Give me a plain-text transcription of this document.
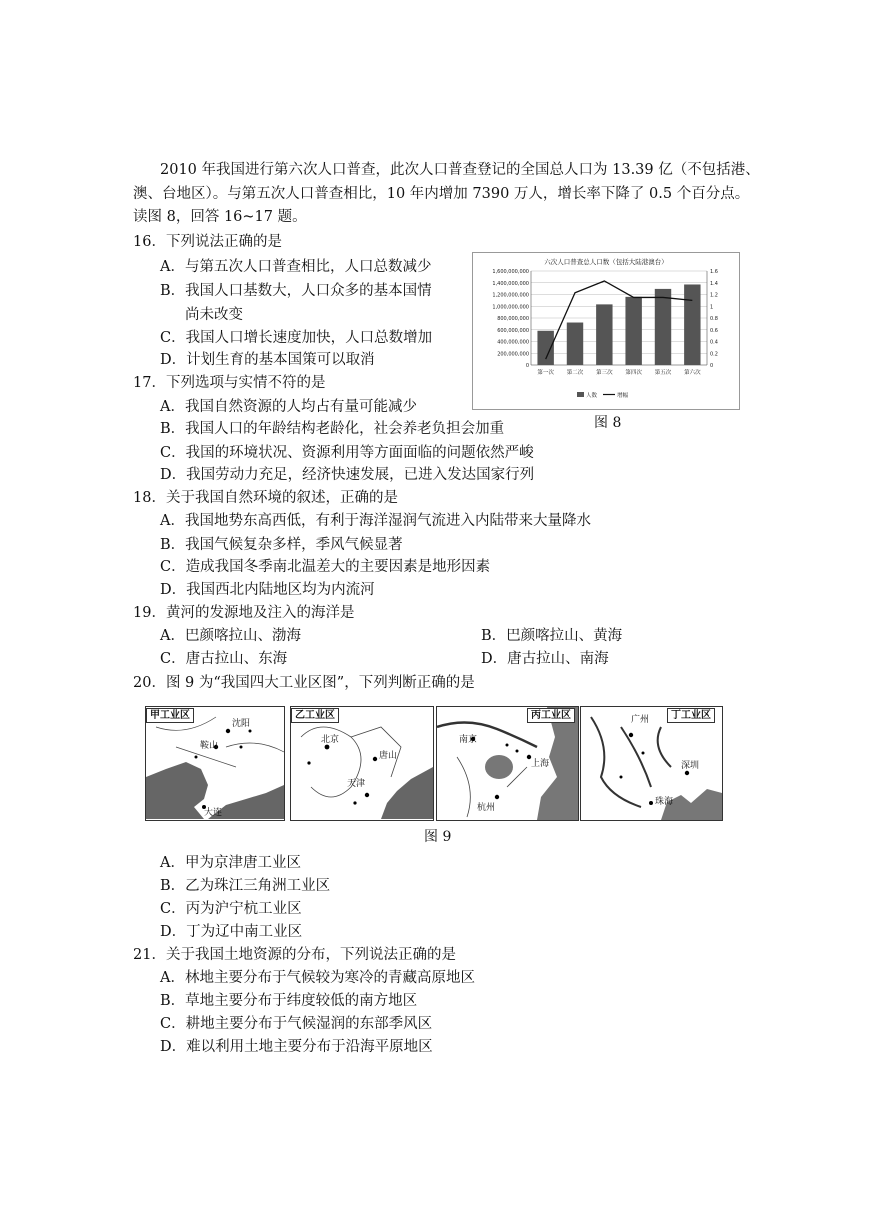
2010 年我国进行第六次人口普查，此次人口普查登记的全国总人口为 13.39 亿（不包括港、
澳、台地区）。与第五次人口普查相比，10 年内增加 7390 万人，增长率下降了 0.5 个百分点。
读图 8，回答 16~17 题。
16．下列说法正确的是
A．与第五次人口普查相比，人口总数减少
B．我国人口基数大，人口众多的基本国情
尚未改变
C．我国人口增长速度加快，人口总数增加
D．计划生育的基本国策可以取消
六次人口普查总人口数（包括大陆港澳台）
1,600,000,000
1,400,000,000
1,200,000,000
1,000,000,000
800,000,000
600,000,000
400,000,000
200,000,000
0
1.6
1.4
1.2
1
0.8
0.6
0.4
0.2
0
第一次 第二次 第三次 第四次 第五次 第六次
人数	增幅
图 8
17．下列选项与实情不符的是
A．我国自然资源的人均占有量可能减少
B．我国人口的年龄结构老龄化，社会养老负担会加重
C．我国的环境状况、资源利用等方面面临的问题依然严峻
D．我国劳动力充足，经济快速发展，已进入发达国家行列
18．关于我国自然环境的叙述，正确的是
A．我国地势东高西低，有利于海洋湿润气流进入内陆带来大量降水
B．我国气候复杂多样，季风气候显著
C．造成我国冬季南北温差大的主要因素是地形因素
D．我国西北内陆地区均为内流河
19．黄河的发源地及注入的海洋是
A．巴颜喀拉山、渤海	B．巴颜喀拉山、黄海
C．唐古拉山、东海	D．唐古拉山、南海
20．图 9 为“我国四大工业区图”，下列判断正确的是
甲工业区
沈阳
鞍山
大连
乙工业区
北京
唐山
天津
丙工业区
南京
上海
杭州
丁工业区
广州
深圳
珠海
图 9
A．甲为京津唐工业区
B．乙为珠江三角洲工业区
C．丙为沪宁杭工业区
D．丁为辽中南工业区
21．关于我国土地资源的分布，下列说法正确的是
A．林地主要分布于气候较为寒冷的青藏高原地区
B．草地主要分布于纬度较低的南方地区
C．耕地主要分布于气候湿润的东部季风区
D．难以利用土地主要分布于沿海平原地区
